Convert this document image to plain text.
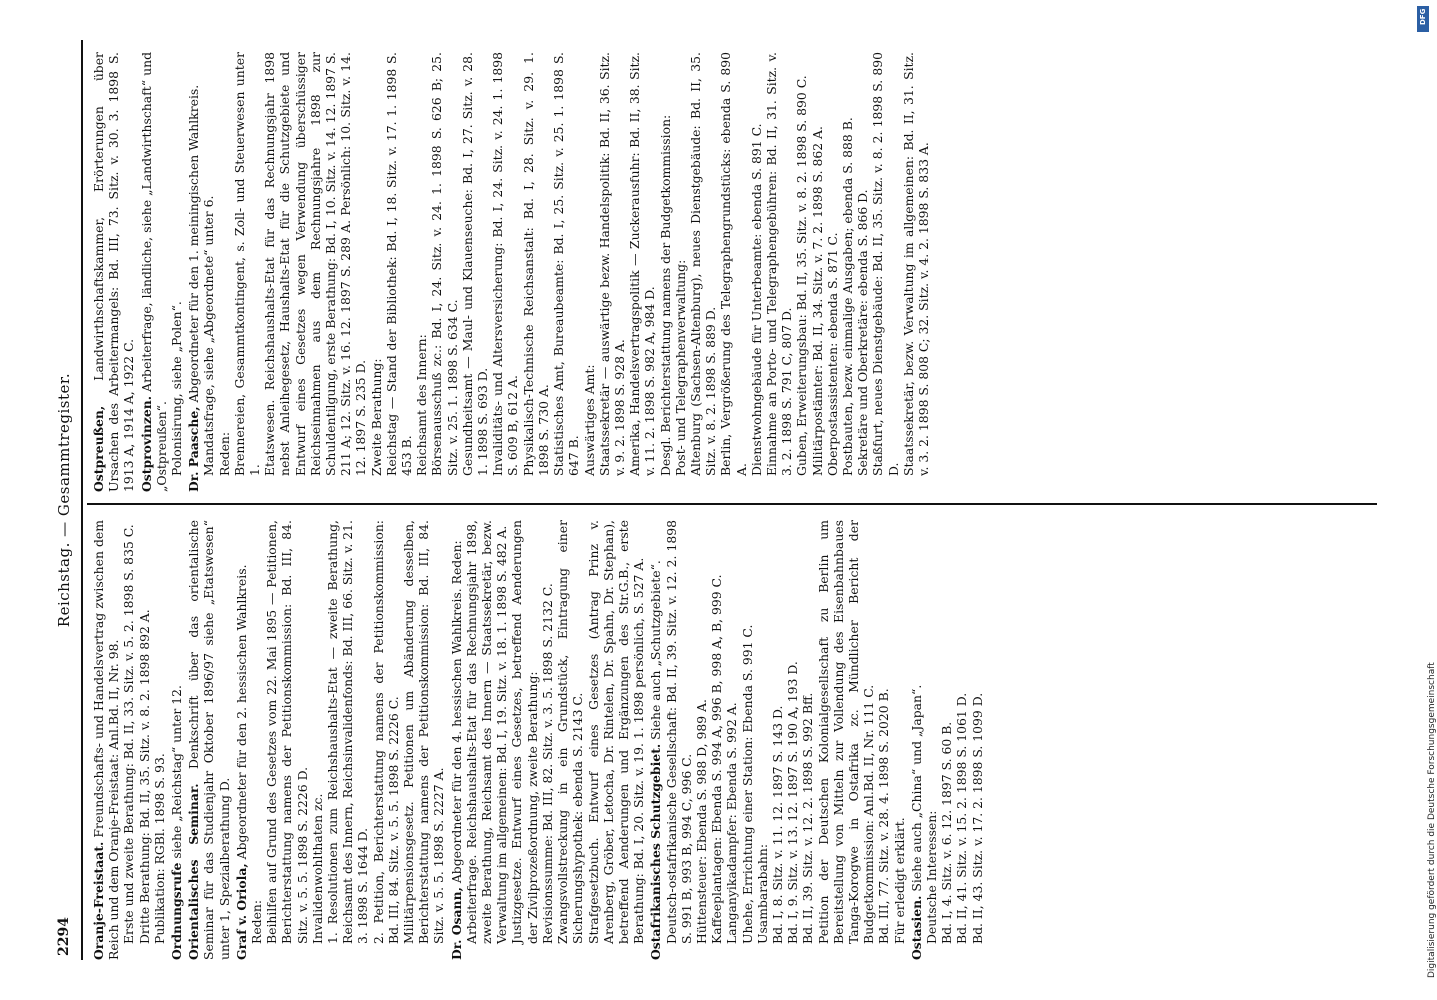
2294
Reichstag. — Gesammtregister.
Oranje-Freistaat. Freundschafts- und Handelsvertrag zwischen dem Reich und dem Oranje-Freistaat: Anl.Bd. II, Nr. 98. Erste und zweite Berathung: Bd. II, 33. Sitz. v. 5. 2. 1898 S. 835 C. Dritte Berathung: Bd. II, 35. Sitz. v. 8. 2. 1898 892 A. Publikation: RGBl. 1898 S. 93. Ordnungsrufe siehe „Reichstag“ unter 12.
Orientalisches Seminar. Denkschrift über das orientalische Seminar für das Studienjahr Oktober 1896/97 siehe „Etatswesen“ unter 1, Spezialberathung D. Graf v. Oriola, Abgeordneter für den 2. hessischen Wahlkreis.
Reden: Beihilfen auf Grund des Gesetzes vom 22. Mai 1895 — Petitionen, Berichterstattung namens der Petitionskommission: Bd. III, 84. Sitz. v. 5. 5. 1898 S. 2226 D. Invalidenwohlthaten zc. 1. Resolutionen zum Reichshaushalts-Etat — zweite Berathung, Reichsamt des Innern, Reichsinvalidenfonds: Bd. III, 66. Sitz. v. 21. 3. 1898 S. 1644 D. 2. Petition, Berichterstattung namens der Petitionskommission: Bd. III, 84. Sitz. v. 5. 5. 1898 S. 2226 C. Militärpensionsgesetz. Petitionen um Abänderung desselben, Berichterstattung namens der Petitionskommission: Bd. III, 84. Sitz. v. 5. 5. 1898 S. 2227 A. Dr. Osann, Abgeordneter für den 4. hessischen Wahlkreis. Reden: Arbeiterfrage. Reichshaushalts-Etat für das Rechnungsjahr 1898, zweite Berathung, Reichsamt des Innern — Staatssekretär, bezw. Verwaltung im allgemeinen: Bd. I, 19. Sitz. v. 18. 1. 1898 S. 482 A. Justizgesetze. Entwurf eines Gesetzes, betreffend Aenderungen der Zivilprozeßordnung, zweite Berathung: Revisionssumme: Bd. III, 82. Sitz. v. 3. 5. 1898 S. 2132 C. Zwangsvollstreckung in ein Grundstück, Eintragung einer Sicherungshypothek: ebenda S. 2143 C. Strafgesetzbuch. Entwurf eines Gesetzes (Antrag Prinz v. Arenberg, Gröber, Letocha, Dr. Rintelen, Dr. Spahn, Dr. Stephan), betreffend Aenderungen und Ergänzungen des Str.G.B., erste Berathung: Bd. I, 20. Sitz. v. 19. 1. 1898 persönlich, S. 527 A. Ostafrikanisches Schutzgebiet. Siehe auch „Schutzgebiete“. Deutsch-ostafrikanische Gesellschaft: Bd. II, 39. Sitz. v. 12. 2. 1898 S. 991 B, 993 B, 994 C, 996 C. Hüttensteuer: Ebenda S. 988 D, 989 A. Kaffeeplantagen: Ebenda S. 994 A, 996 B, 998 A, B, 999 C. Langanyikadampfer: Ebenda S. 992 A. Uhehe, Errichtung einer Station: Ebenda S. 991 C. Usambarabahn: Bd. I, 8. Sitz. v. 11. 12. 1897 S. 143 D. Bd. I, 9. Sitz. v. 13. 12. 1897 S. 190 A, 193 D. Bd. II, 39. Sitz. v. 12. 2. 1898 S. 992 Bff. Petition der Deutschen Kolonialgesellschaft zu Berlin um Bereitstellung von Mitteln zur Vollendung des Eisenbahnbaues Tanga-Korogwe in Ostafrika zc. Mündlicher Bericht der Budgetkommission: Anl.Bd. II, Nr. 111 C. Bd. III, 77. Sitz. v. 28. 4. 1898 S. 2020 B. Für erledigt erklärt. Ostasien. Siehe auch „China“ und „Japan“. Deutsche Interessen: Bd. I, 4. Sitz. v. 6. 12. 1897 S. 60 B. Bd. II, 41. Sitz. v. 15. 2. 1898 S. 1061 D. Bd. II, 43. Sitz. v. 17. 2. 1898 S. 1099 D.
Ostpreußen, Landwirthschaftskammer, Erörterungen über Ursachen des Arbeitermangels: Bd. III, 73. Sitz. v. 30. 3. 1898 S. 1913 A, 1914 A, 1922 C. Ostprovinzen. Arbeiterfrage, ländliche, siehe „Landwirthschaft“ und „Ostpreußen“. Polonisirung, siehe „Polen“. Dr. Paasche, Abgeordneter für den 1. meiningischen Wahlkreis. Mandatsfrage, siehe „Abgeordnete“ unter 6. Reden: Brennereien, Gesammtkontingent, s. Zoll- und Steuerwesen unter 1. Etatswesen. Reichshaushalts-Etat für das Rechnungsjahr 1898 nebst Anleihegesetz, Haushalts-Etat für die Schutzgebiete und Entwurf eines Gesetzes wegen Verwendung überschüssiger Reichseinnahmen aus dem Rechnungsjahre 1898 zur Schuldentilgung, erste Berathung: Bd. I, 10. Sitz. v. 14. 12. 1897 S. 211 A; 12. Sitz. v. 16. 12. 1897 S. 289 A. Persönlich: 10. Sitz. v. 14. 12. 1897 S. 235 D. Zweite Berathung: Reichstag — Stand der Bibliothek: Bd. I, 18. Sitz. v. 17. 1. 1898 S. 453 B. Reichsamt des Innern: Börsenausschuß zc.: Bd. I, 24. Sitz. v. 24. 1. 1898 S. 626 B; 25. Sitz. v. 25. 1. 1898 S. 634 C. Gesundheitsamt — Maul- und Klauenseuche: Bd. I, 27. Sitz. v. 28. 1. 1898 S. 693 D. Invaliditäts- und Altersversicherung: Bd. I, 24. Sitz. v. 24. 1. 1898 S. 609 B, 612 A. Physikalisch-Technische Reichsanstalt: Bd. I, 28. Sitz. v. 29. 1. 1898 S. 730 A. Statistisches Amt, Bureaubeamte: Bd. I, 25. Sitz. v. 25. 1. 1898 S. 647 B. Auswärtiges Amt: Staatssekretär — auswärtige bezw. Handelspolitik: Bd. II, 36. Sitz. v. 9. 2. 1898 S. 928 A. Amerika, Handelsvertragspolitik — Zuckerausfuhr: Bd. II, 38. Sitz. v. 11. 2. 1898 S. 982 A, 984 D. Desgl. Berichterstattung namens der Budgetkommission: Post- und Telegraphenverwaltung: Altenburg (Sachsen-Altenburg), neues Dienstgebäude: Bd. II, 35. Sitz. v. 8. 2. 1898 S. 889 D. Berlin, Vergrößerung des Telegraphengrundstücks: ebenda S. 890 A. Dienstwohngebäude für Unterbeamte: ebenda S. 891 C. Einnahme an Porto- und Telegraphengebühren: Bd. II, 31. Sitz. v. 3. 2. 1898 S. 791 C, 807 D. Guben, Erweiterungsbau: Bd. II, 35. Sitz. v. 8. 2. 1898 S. 890 C. Militärpostämter: Bd. II, 34. Sitz. v. 7. 2. 1898 S. 862 A. Oberpostassistenten: ebenda S. 871 C. Postbauten, bezw. einmalige Ausgaben; ebenda S. 888 B. Sekretäre und Oberkretäre: ebenda S. 866 D. Staßfurt, neues Dienstgebäude: Bd. II, 35. Sitz. v. 8. 2. 1898 S. 890 D. Staatssekretär, bezw. Verwaltung im allgemeinen: Bd. II, 31. Sitz. v. 3. 2. 1898 S. 808 C; 32. Sitz. v. 4. 2. 1898 S. 833 A.
DFG
Digitalisierung gefördert durch die Deutsche Forschungsgemeinschaft
